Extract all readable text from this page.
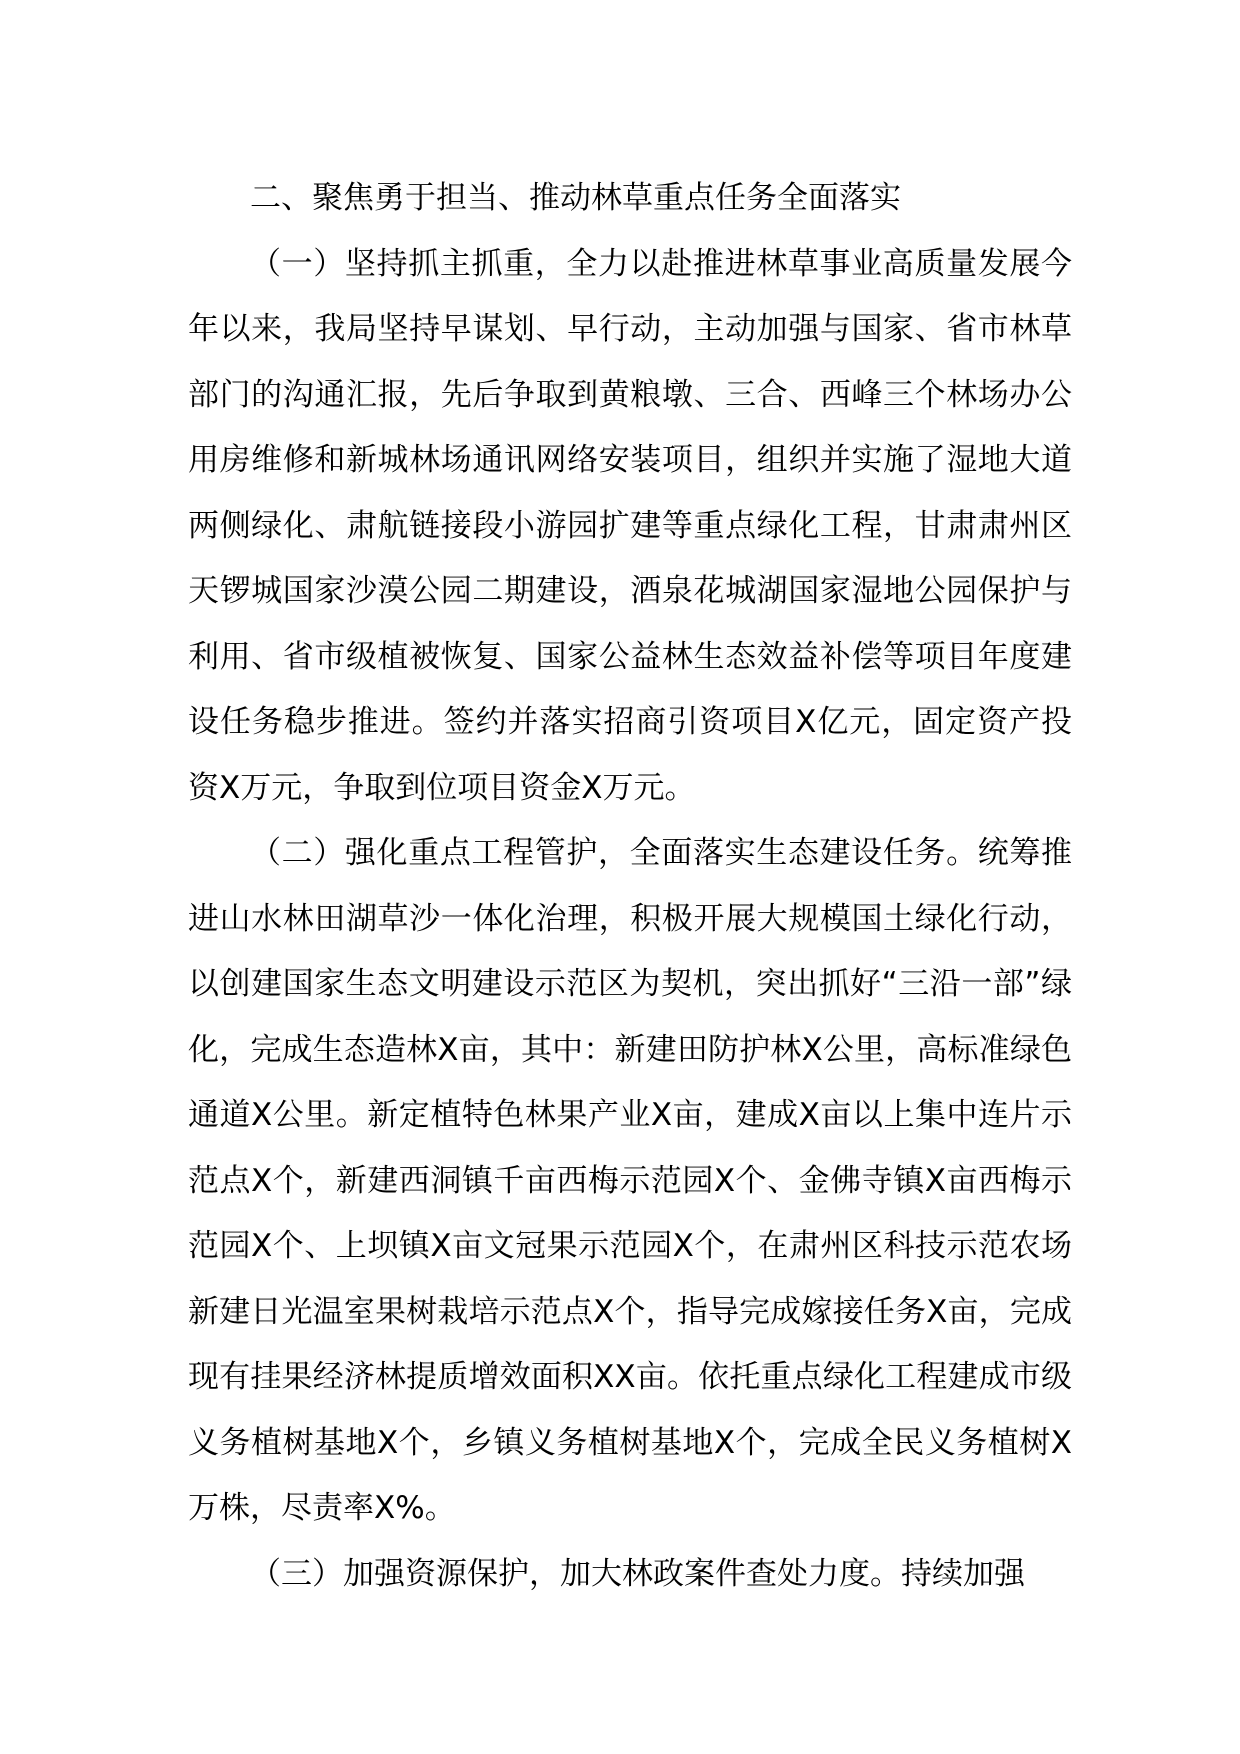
二、聚焦勇于担当、推动林草重点任务全面落实

（一）坚持抓主抓重，全力以赴推进林草事业高质量发展今年以来，我局坚持早谋划、早行动，主动加强与国家、省市林草部门的沟通汇报，先后争取到黄粮墩、三合、西峰三个林场办公用房维修和新城林场通讯网络安装项目，组织并实施了湿地大道两侧绿化、肃航链接段小游园扩建等重点绿化工程，甘肃肃州区天锣城国家沙漠公园二期建设，酒泉花城湖国家湿地公园保护与利用、省市级植被恢复、国家公益林生态效益补偿等项目年度建设任务稳步推进。签约并落实招商引资项目X亿元，固定资产投资X万元，争取到位项目资金X万元。

（二）强化重点工程管护，全面落实生态建设任务。统筹推进山水林田湖草沙一体化治理，积极开展大规模国土绿化行动，以创建国家生态文明建设示范区为契机，突出抓好“三沿一部”绿化，完成生态造林X亩，其中：新建田防护林X公里，高标准绿色通道X公里。新定植特色林果产业X亩，建成X亩以上集中连片示范点X个，新建西洞镇千亩西梅示范园X个、金佛寺镇X亩西梅示范园X个、上坝镇X亩文冠果示范园X个，在肃州区科技示范农场新建日光温室果树栽培示范点X个，指导完成嫁接任务X亩，完成现有挂果经济林提质增效面积XX亩。依托重点绿化工程建成市级义务植树基地X个，乡镇义务植树基地X个，完成全民义务植树X万株，尽责率X%。

（三）加强资源保护，加大林政案件查处力度。持续加强
